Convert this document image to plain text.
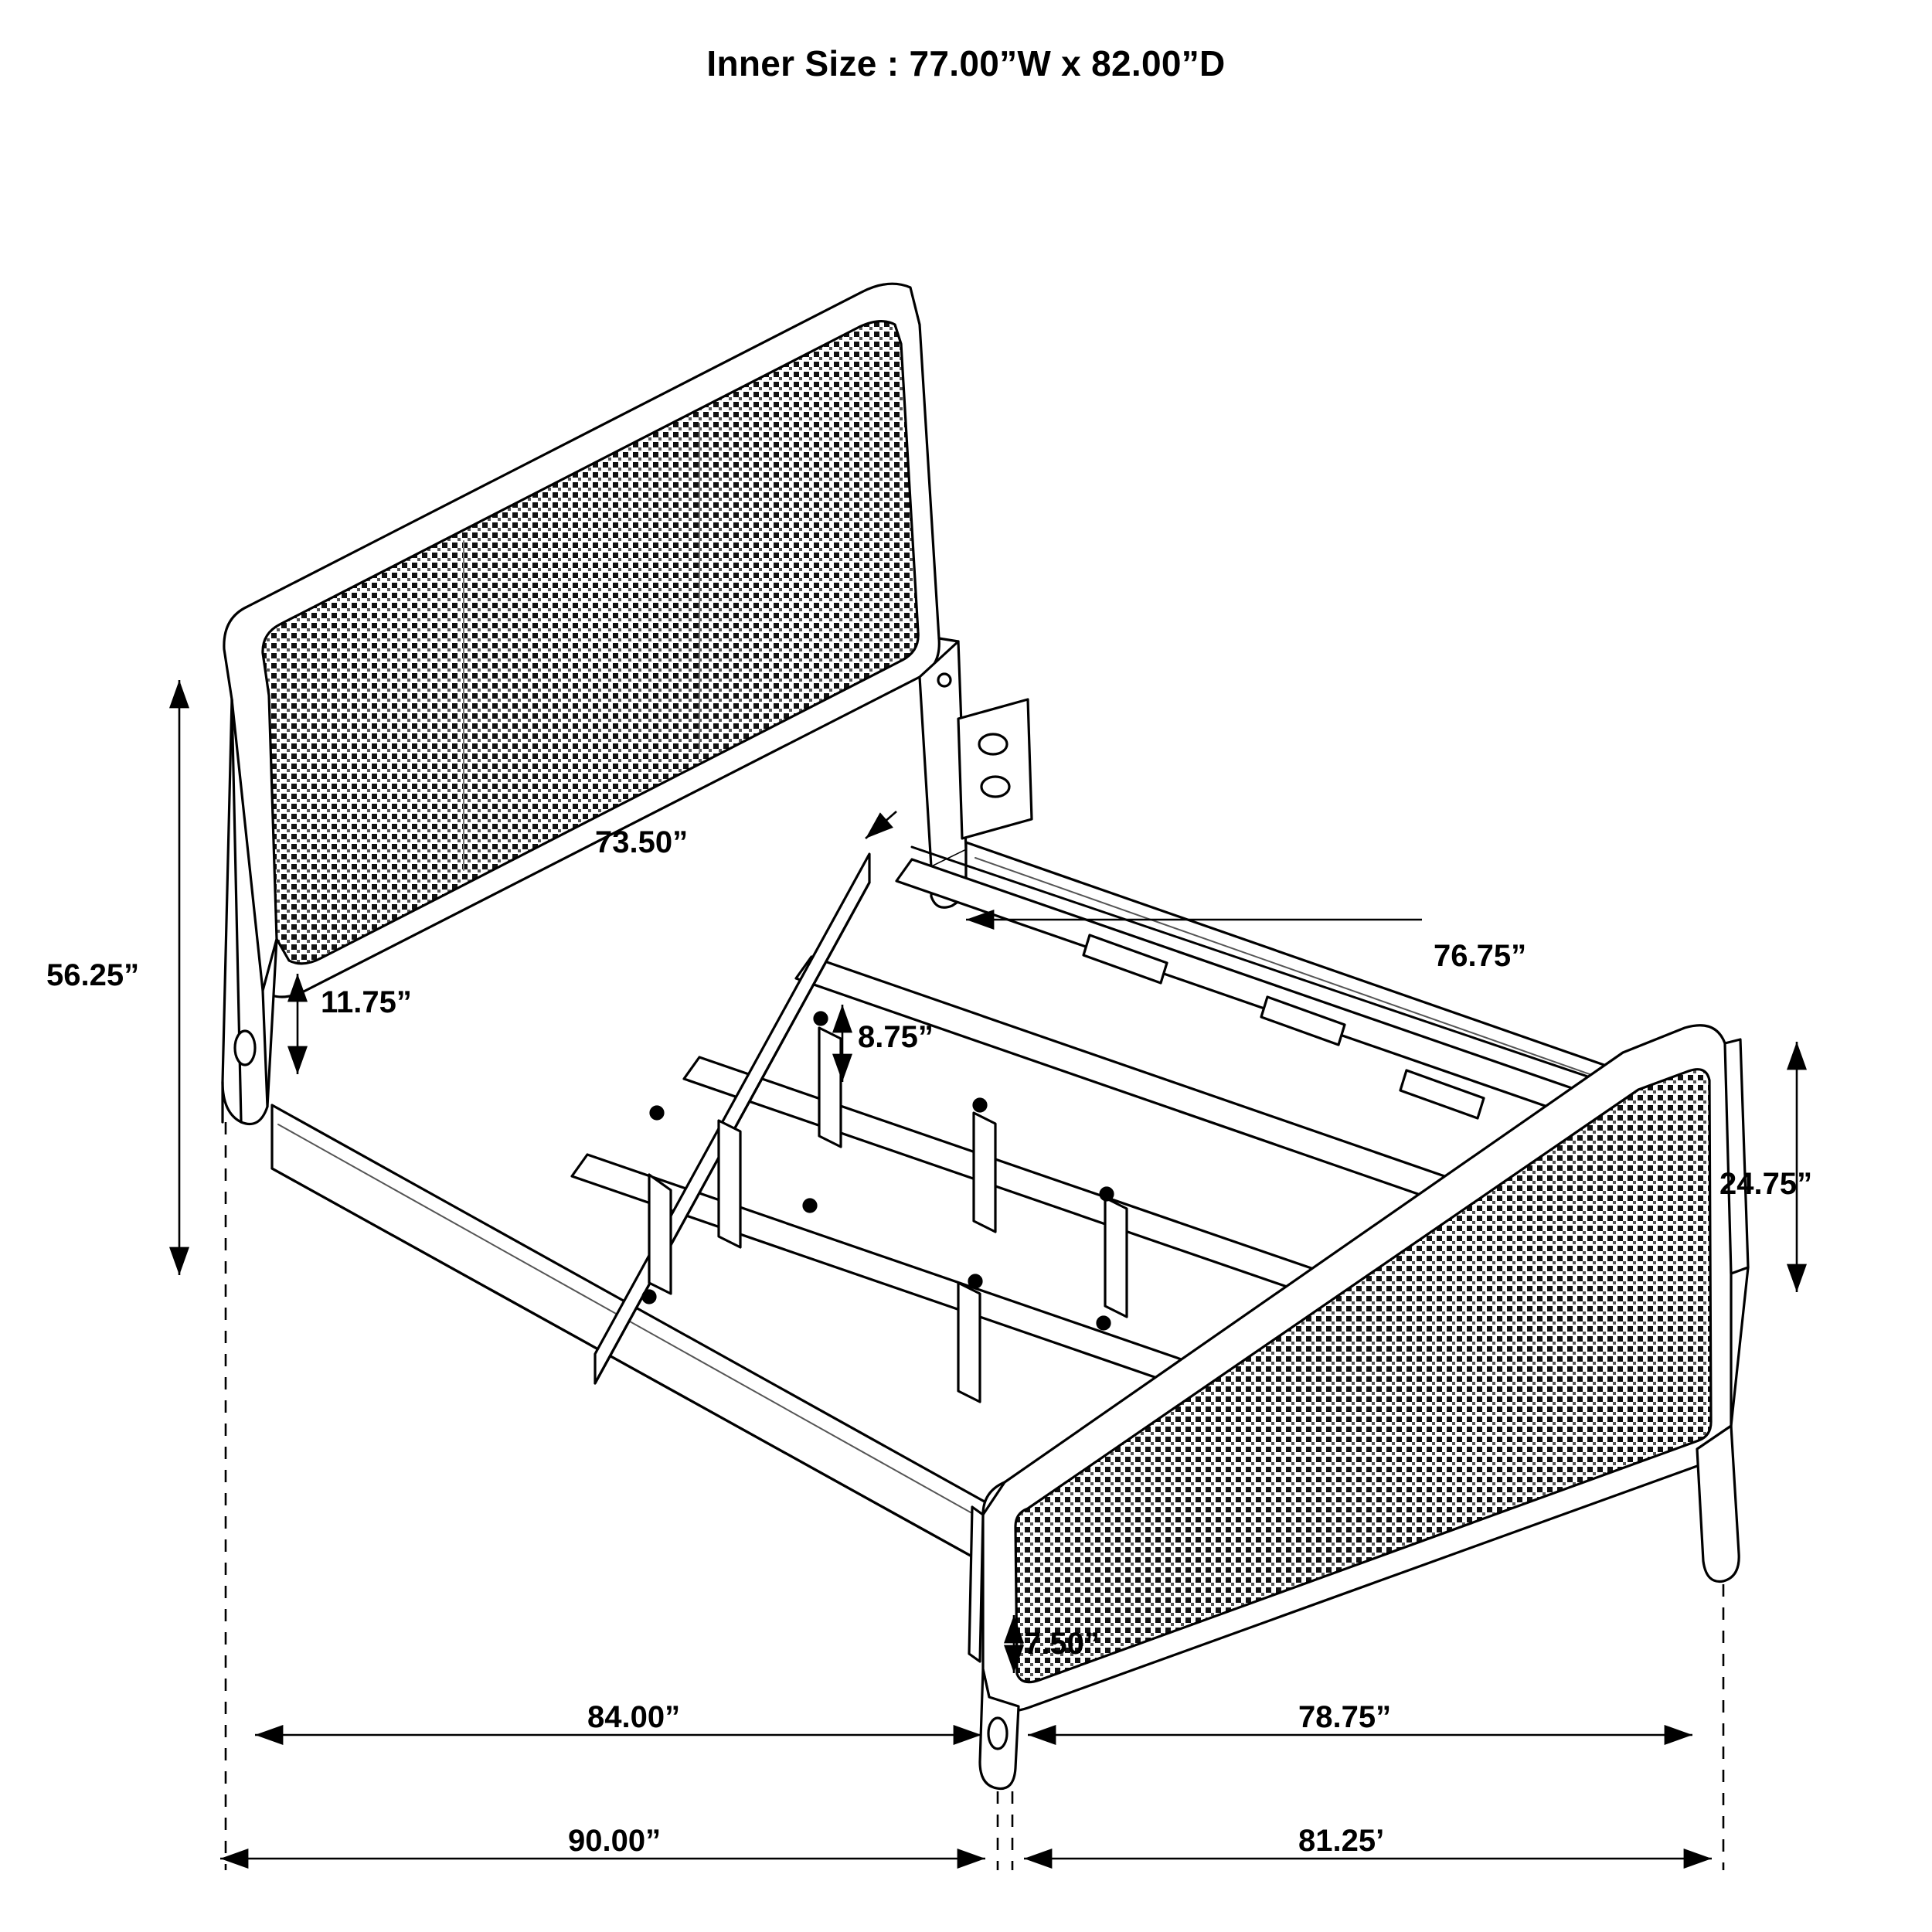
Inner Size : 77.00”W x 82.00”D
56.25”
73.50”
11.75”
8.75”
76.75”
24.75”
7.50”
84.00”	78.75”
90.00”	81.25’
